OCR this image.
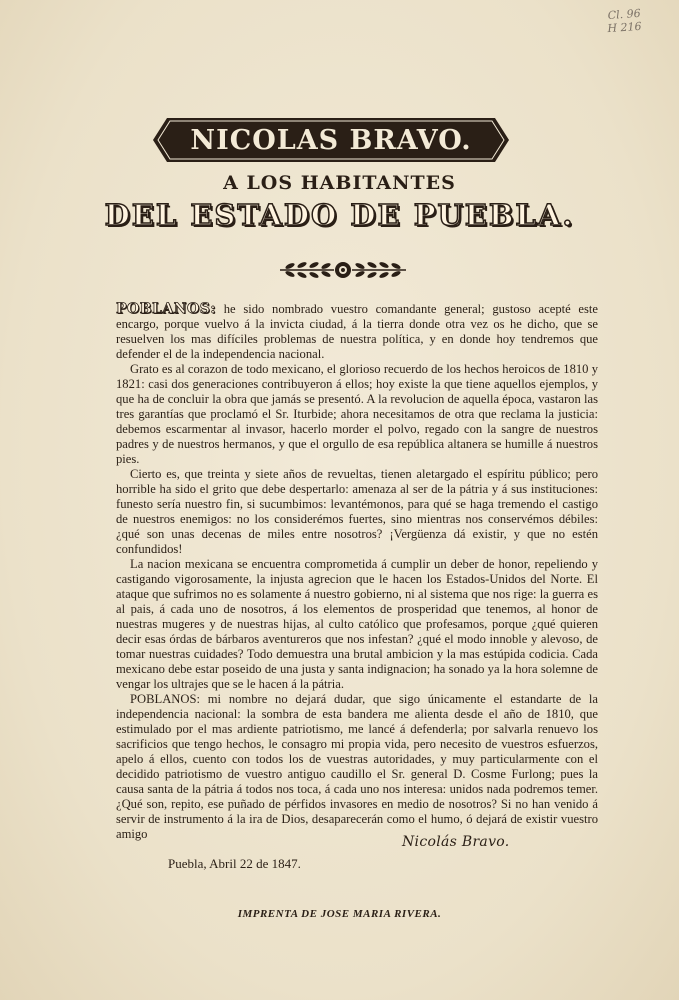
Cl. 96
H 216
NICOLAS BRAVO.
A LOS HABITANTES
DEL ESTADO DE PUEBLA.

POBLANOS: he sido nombrado vuestro comandante general; gustoso acepté este encargo, porque vuelvo á la invicta ciudad, á la tierra donde otra vez os he dicho, que se resuelven los mas difíciles problemas de nuestra política, y en donde hoy tendremos que defender el de la independencia nacional.

Grato es al corazon de todo mexicano, el glorioso recuerdo de los hechos heroicos de 1810 y 1821: casi dos generaciones contribuyeron á ellos; hoy existe la que tiene aquellos ejemplos, y que ha de concluir la obra que jamás se presentó. A la revolucion de aquella época, vastaron las tres garantías que proclamó el Sr. Iturbide; ahora necesitamos de otra que reclama la justicia: debemos escarmentar al invasor, hacerlo morder el polvo, regado con la sangre de nuestros padres y de nuestros hermanos, y que el orgullo de esa república altanera se humille á nuestros pies.

Cierto es, que treinta y siete años de revueltas, tienen aletargado el espíritu público; pero horrible ha sido el grito que debe despertarlo: amenaza al ser de la pátria y á sus instituciones: funesto sería nuestro fin, si sucumbimos: levantémonos, para qué se haga tremendo el castigo de nuestros enemigos: no los considerémos fuertes, sino mientras nos conservémos débiles: ¿qué son unas decenas de miles entre nosotros? ¡Vergüenza dá existir, y que no estén confundidos!

La nacion mexicana se encuentra comprometida á cumplir un deber de honor, repeliendo y castigando vigorosamente, la injusta agrecion que le hacen los Estados-Unidos del Norte. El ataque que sufrimos no es solamente á nuestro gobierno, ni al sistema que nos rige: la guerra es al pais, á cada uno de nosotros, á los elementos de prosperidad que tenemos, al honor de nuestras mugeres y de nuestras hijas, al culto católico que profesamos, porque ¿qué quieren decir esas órdas de bárbaros aventureros que nos infestan? ¿qué el modo innoble y alevoso, de tomar nuestras cuidades? Todo demuestra una brutal ambicion y la mas estúpida codicia. Cada mexicano debe estar poseido de una justa y santa indignacion; ha sonado ya la hora solemne de vengar los ultrajes que se le hacen á la pátria.

POBLANOS: mi nombre no dejará dudar, que sigo únicamente el estandarte de la independencia nacional: la sombra de esta bandera me alienta desde el año de 1810, que estimulado por el mas ardiente patriotismo, me lancé á defenderla; por salvarla renuevo los sacrificios que tengo hechos, le consagro mi propia vida, pero necesito de vuestros esfuerzos, apelo á ellos, cuento con todos los de vuestras autoridades, y muy particularmente con el decidido patriotismo de vuestro antiguo caudillo el Sr. general D. Cosme Furlong; pues la causa santa de la pátria á todos nos toca, á cada uno nos interesa: unidos nada podremos temer. ¿Qué son, repito, ese puñado de pérfidos invasores en medio de nosotros? Si no han venido á servir de instrumento á la ira de Dios, desaparecerán como el humo, ó dejará de existir vuestro amigo	Nicolás Bravo.
Puebla, Abril 22 de 1847.
IMPRENTA DE JOSE MARIA RIVERA.
